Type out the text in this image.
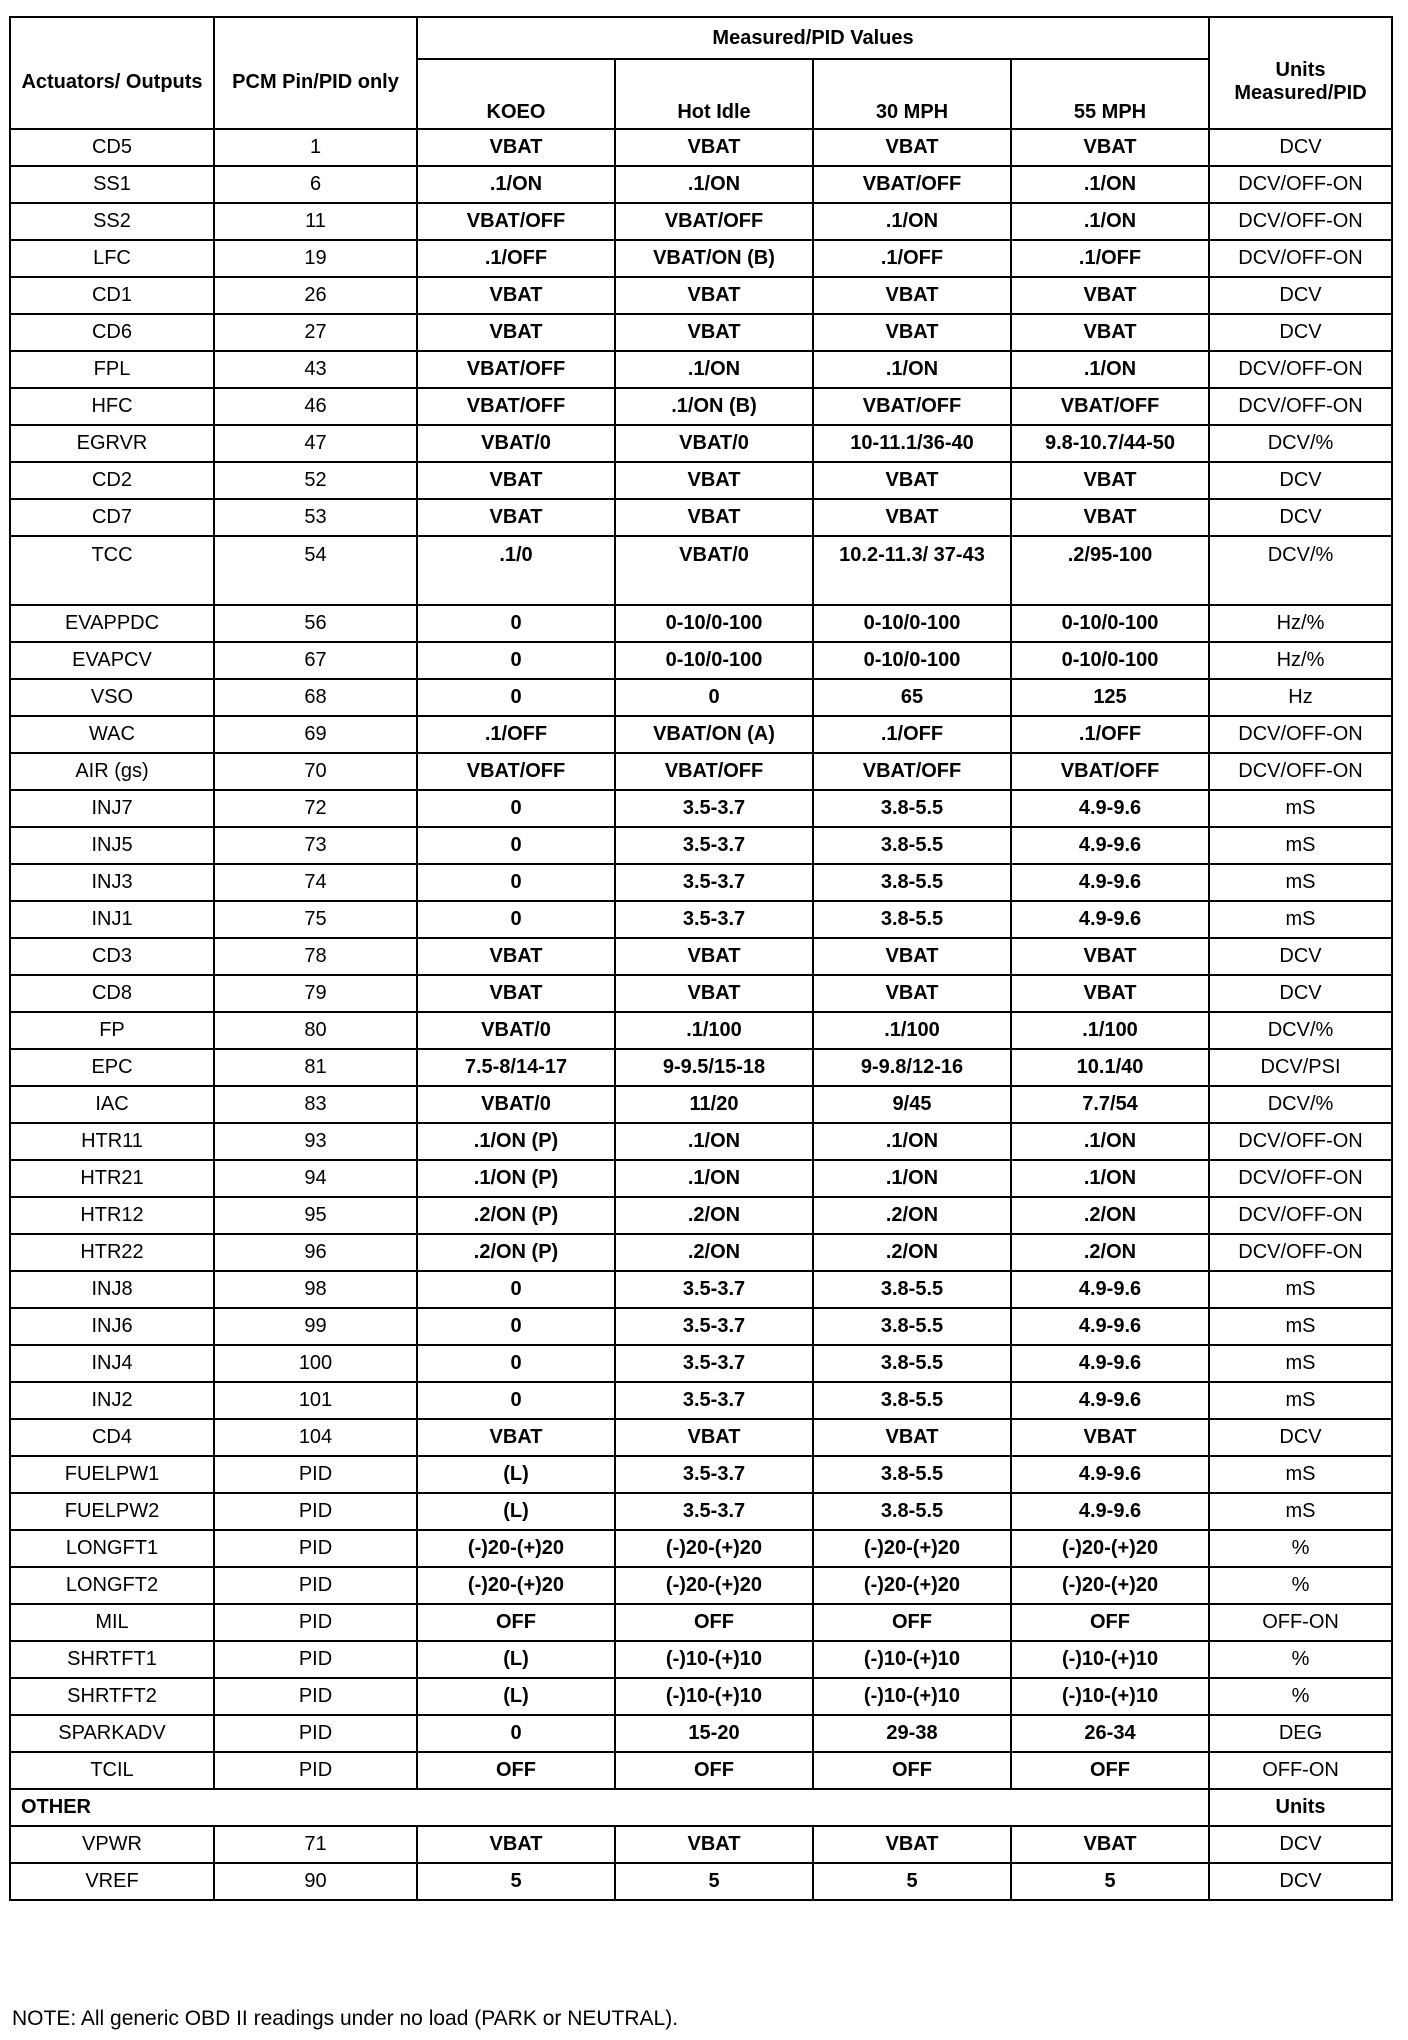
Actuators/ Outputs	PCM Pin/PID only	Measured/PID Values				Units Measured/PID
		KOEO	Hot Idle	30 MPH	55 MPH	
CD5	1	VBAT	VBAT	VBAT	VBAT	DCV
SS1	6	.1/ON	.1/ON	VBAT/OFF	.1/ON	DCV/OFF-ON
SS2	11	VBAT/OFF	VBAT/OFF	.1/ON	.1/ON	DCV/OFF-ON
LFC	19	.1/OFF	VBAT/ON (B)	.1/OFF	.1/OFF	DCV/OFF-ON
CD1	26	VBAT	VBAT	VBAT	VBAT	DCV
CD6	27	VBAT	VBAT	VBAT	VBAT	DCV
FPL	43	VBAT/OFF	.1/ON	.1/ON	.1/ON	DCV/OFF-ON
HFC	46	VBAT/OFF	.1/ON (B)	VBAT/OFF	VBAT/OFF	DCV/OFF-ON
EGRVR	47	VBAT/0	VBAT/0	10-11.1/36-40	9.8-10.7/44-50	DCV/%
CD2	52	VBAT	VBAT	VBAT	VBAT	DCV
CD7	53	VBAT	VBAT	VBAT	VBAT	DCV
TCC	54	.1/0	VBAT/0	10.2-11.3/ 37-43	.2/95-100	DCV/%
EVAPPDC	56	0	0-10/0-100	0-10/0-100	0-10/0-100	Hz/%
EVAPCV	67	0	0-10/0-100	0-10/0-100	0-10/0-100	Hz/%
VSO	68	0	0	65	125	Hz
WAC	69	.1/OFF	VBAT/ON (A)	.1/OFF	.1/OFF	DCV/OFF-ON
AIR (gs)	70	VBAT/OFF	VBAT/OFF	VBAT/OFF	VBAT/OFF	DCV/OFF-ON
INJ7	72	0	3.5-3.7	3.8-5.5	4.9-9.6	mS
INJ5	73	0	3.5-3.7	3.8-5.5	4.9-9.6	mS
INJ3	74	0	3.5-3.7	3.8-5.5	4.9-9.6	mS
INJ1	75	0	3.5-3.7	3.8-5.5	4.9-9.6	mS
CD3	78	VBAT	VBAT	VBAT	VBAT	DCV
CD8	79	VBAT	VBAT	VBAT	VBAT	DCV
FP	80	VBAT/0	.1/100	.1/100	.1/100	DCV/%
EPC	81	7.5-8/14-17	9-9.5/15-18	9-9.8/12-16	10.1/40	DCV/PSI
IAC	83	VBAT/0	11/20	9/45	7.7/54	DCV/%
HTR11	93	.1/ON (P)	.1/ON	.1/ON	.1/ON	DCV/OFF-ON
HTR21	94	.1/ON (P)	.1/ON	.1/ON	.1/ON	DCV/OFF-ON
HTR12	95	.2/ON (P)	.2/ON	.2/ON	.2/ON	DCV/OFF-ON
HTR22	96	.2/ON (P)	.2/ON	.2/ON	.2/ON	DCV/OFF-ON
INJ8	98	0	3.5-3.7	3.8-5.5	4.9-9.6	mS
INJ6	99	0	3.5-3.7	3.8-5.5	4.9-9.6	mS
INJ4	100	0	3.5-3.7	3.8-5.5	4.9-9.6	mS
INJ2	101	0	3.5-3.7	3.8-5.5	4.9-9.6	mS
CD4	104	VBAT	VBAT	VBAT	VBAT	DCV
FUELPW1	PID	(L)	3.5-3.7	3.8-5.5	4.9-9.6	mS
FUELPW2	PID	(L)	3.5-3.7	3.8-5.5	4.9-9.6	mS
LONGFT1	PID	(-)20-(+)20	(-)20-(+)20	(-)20-(+)20	(-)20-(+)20	%
LONGFT2	PID	(-)20-(+)20	(-)20-(+)20	(-)20-(+)20	(-)20-(+)20	%
MIL	PID	OFF	OFF	OFF	OFF	OFF-ON
SHRTFT1	PID	(L)	(-)10-(+)10	(-)10-(+)10	(-)10-(+)10	%
SHRTFT2	PID	(L)	(-)10-(+)10	(-)10-(+)10	(-)10-(+)10	%
SPARKADV	PID	0	15-20	29-38	26-34	DEG
TCIL	PID	OFF	OFF	OFF	OFF	OFF-ON
OTHER						Units
VPWR	71	VBAT	VBAT	VBAT	VBAT	DCV
VREF	90	5	5	5	5	DCV
NOTE: All generic OBD II readings under no load (PARK or NEUTRAL).
